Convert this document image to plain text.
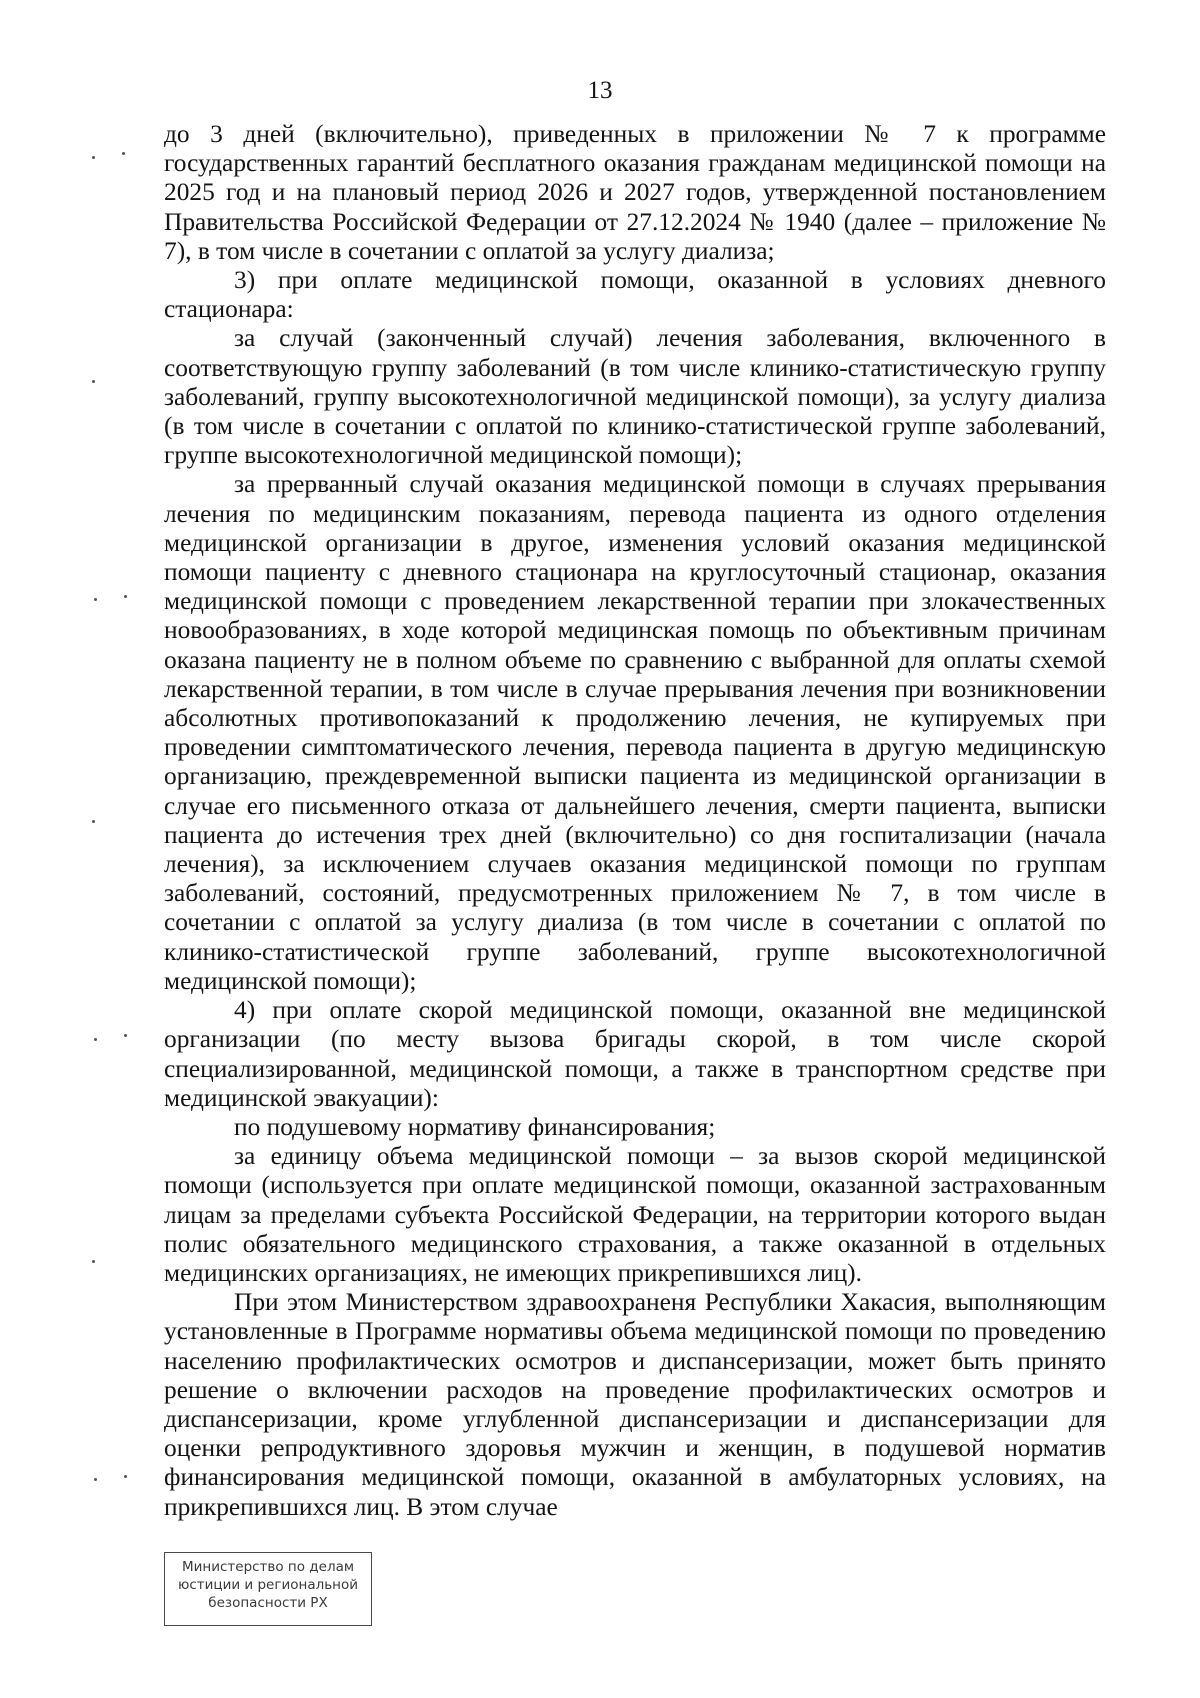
13

до 3 дней (включительно), приведенных в приложении № 7 к программе государственных гарантий бесплатного оказания гражданам медицинской помощи на 2025 год и на плановый период 2026 и 2027 годов, утвержденной постановлением Правительства Российской Федерации от 27.12.2024 № 1940 (далее – приложение № 7), в том числе в сочетании с оплатой за услугу диализа;

3) при оплате медицинской помощи, оказанной в условиях дневного стационара:

за случай (законченный случай) лечения заболевания, включенного в соответствующую группу заболеваний (в том числе клинико-статистическую группу заболеваний, группу высокотехнологичной медицинской помощи), за услугу диализа (в том числе в сочетании с оплатой по клинико-статистической группе заболеваний, группе высокотехнологичной медицинской помощи);

за прерванный случай оказания медицинской помощи в случаях прерывания лечения по медицинским показаниям, перевода пациента из одного отделения медицинской организации в другое, изменения условий оказания медицинской помощи пациенту с дневного стационара на круглосуточный стационар, оказания медицинской помощи с проведением лекарственной терапии при злокачественных новообразованиях, в ходе которой медицинская помощь по объективным причинам оказана пациенту не в полном объеме по сравнению с выбранной для оплаты схемой лекарственной терапии, в том числе в случае прерывания лечения при возникновении абсолютных противопоказаний к продолжению лечения, не купируемых при проведении симптоматического лечения, перевода пациента в другую медицинскую организацию, преждевременной выписки пациента из медицинской организации в случае его письменного отказа от дальнейшего лечения, смерти пациента, выписки пациента до истечения трех дней (включительно) со дня госпитализации (начала лечения), за исключением случаев оказания медицинской помощи по группам заболеваний, состояний, предусмотренных приложением № 7, в том числе в сочетании с оплатой за услугу диализа (в том числе в сочетании с оплатой по клинико-статистической группе заболеваний, группе высокотехнологичной медицинской помощи);

4) при оплате скорой медицинской помощи, оказанной вне медицинской организации (по месту вызова бригады скорой, в том числе скорой специализированной, медицинской помощи, а также в транспортном средстве при медицинской эвакуации):

по подушевому нормативу финансирования;

за единицу объема медицинской помощи – за вызов скорой медицинской помощи (используется при оплате медицинской помощи, оказанной застрахованным лицам за пределами субъекта Российской Федерации, на территории которого выдан полис обязательного медицинского страхования, а также оказанной в отдельных медицинских организациях, не имеющих прикрепившихся лиц).

При этом Министерством здравоохраненя Республики Хакасия, выполняющим установленные в Программе нормативы объема медицинской помощи по проведению населению профилактических осмотров и диспансеризации, может быть принято решение о включении расходов на проведение профилактических осмотров и диспансеризации, кроме углубленной диспансеризации и диспансеризации для оценки репродуктивного здоровья мужчин и женщин, в подушевой норматив финансирования медицинской помощи, оказанной в амбулаторных условиях, на прикрепившихся лиц. В этом случае

Министерство по делам
юстиции и региональной
безопасности РХ
